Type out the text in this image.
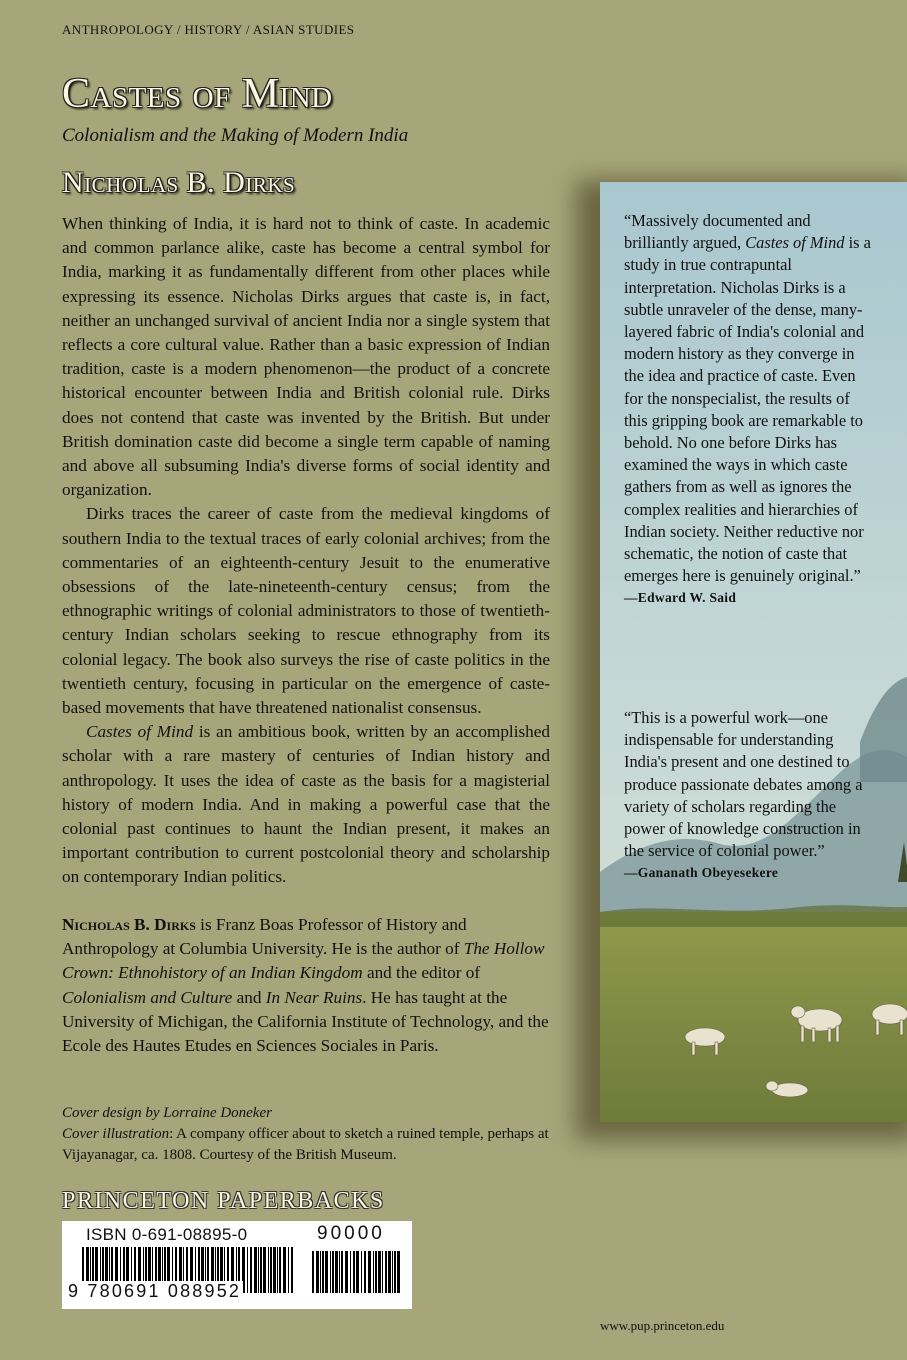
ANTHROPOLOGY / HISTORY / ASIAN STUDIES
Castes of Mind
Colonialism and the Making of Modern India
Nicholas B. Dirks

When thinking of India, it is hard not to think of caste. In academic and common parlance alike, caste has become a central symbol for India, marking it as fundamentally different from other places while expressing its essence. Nicholas Dirks argues that caste is, in fact, neither an unchanged survival of ancient India nor a single system that reflects a core cultural value. Rather than a basic expression of Indian tradition, caste is a modern phenomenon—the product of a concrete historical encounter between India and British colonial rule. Dirks does not contend that caste was invented by the British. But under British domination caste did become a single term capable of naming and above all subsuming India's diverse forms of social identity and organization.

Dirks traces the career of caste from the medieval kingdoms of southern India to the textual traces of early colonial archives; from the commentaries of an eighteenth-century Jesuit to the enumerative obsessions of the late-nineteenth-century census; from the ethnographic writings of colonial administrators to those of twentieth-century Indian scholars seeking to rescue ethnography from its colonial legacy. The book also surveys the rise of caste politics in the twentieth century, focusing in particular on the emergence of caste-based movements that have threatened nationalist consensus.

Castes of Mind is an ambitious book, written by an accomplished scholar with a rare mastery of centuries of Indian history and anthropology. It uses the idea of caste as the basis for a magisterial history of modern India. And in making a powerful case that the colonial past continues to haunt the Indian present, it makes an important contribution to current postcolonial theory and scholarship on contemporary Indian politics.

Nicholas B. Dirks is Franz Boas Professor of History and Anthropology at Columbia University. He is the author of The Hollow Crown: Ethnohistory of an Indian Kingdom and the editor of Colonialism and Culture and In Near Ruins. He has taught at the University of Michigan, the California Institute of Technology, and the Ecole des Hautes Etudes en Sciences Sociales in Paris.

Cover design by Lorraine Doneker

Cover illustration: A company officer about to sketch a ruined temple, perhaps at Vijayanagar, ca. 1808. Courtesy of the British Museum.

PRINCETON PAPERBACKS
ISBN 0-691-08895-0
9 780691 088952
90000
www.pup.princeton.edu

“Massively documented and brilliantly argued, Castes of Mind is a study in true contrapuntal interpretation. Nicholas Dirks is a subtle unraveler of the dense, many-layered fabric of India's colonial and modern history as they converge in the idea and practice of caste. Even for the nonspecialist, the results of this gripping book are remarkable to behold. No one before Dirks has examined the ways in which caste gathers from as well as ignores the complex realities and hierarchies of Indian society. Neither reductive nor schematic, the notion of caste that emerges here is genuinely original.”

—Edward W. Said

“This is a powerful work—one indispensable for understanding India's present and one destined to produce passionate debates among a variety of scholars regarding the power of knowledge construction in the service of colonial power.”

—Gananath Obeyesekere
